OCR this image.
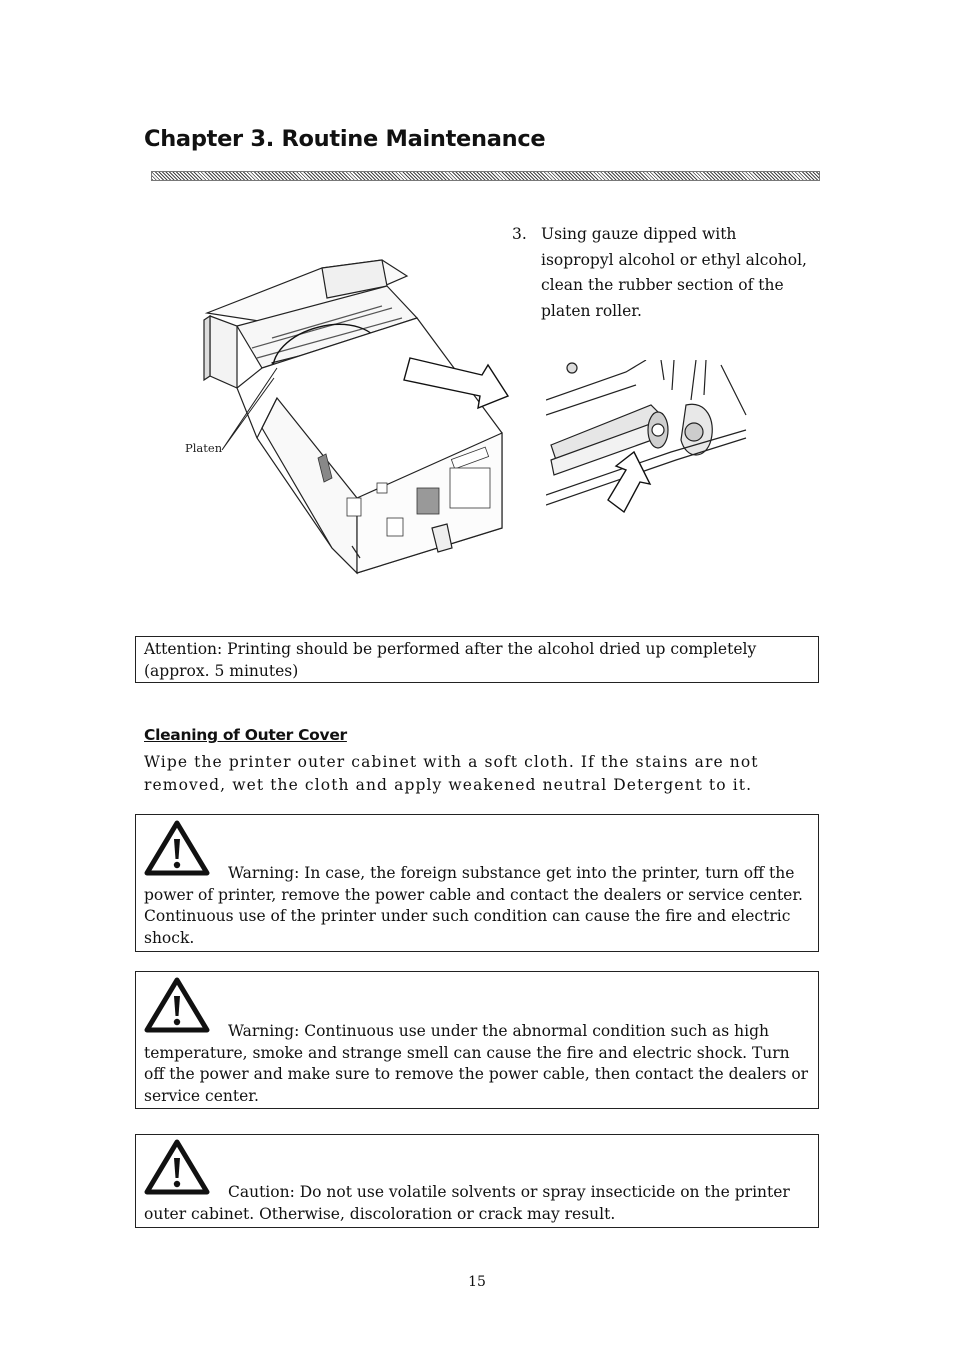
Chapter 3. Routine Maintenance
Platen
3. Using gauze dipped with isopropyl alcohol or ethyl alcohol, clean the rubber section of the platen roller.
Attention: Printing should be performed after the alcohol dried up completely (approx. 5 minutes)
Cleaning of Outer Cover
Wipe the printer outer cabinet with a soft cloth. If the stains are not removed, wet the cloth and apply weakened neutral Detergent to it.
Warning: In case, the foreign substance get into the printer, turn off the power of printer, remove the power cable and contact the dealers or service center. Continuous use of the printer under such condition can cause the fire and electric shock.
Warning: Continuous use under the abnormal condition such as high temperature, smoke and strange smell can cause the fire and electric shock. Turn off the power and make sure to remove the power cable, then contact the dealers or service center.
Caution: Do not use volatile solvents or spray insecticide on the printer outer cabinet. Otherwise, discoloration or crack may result.
15
